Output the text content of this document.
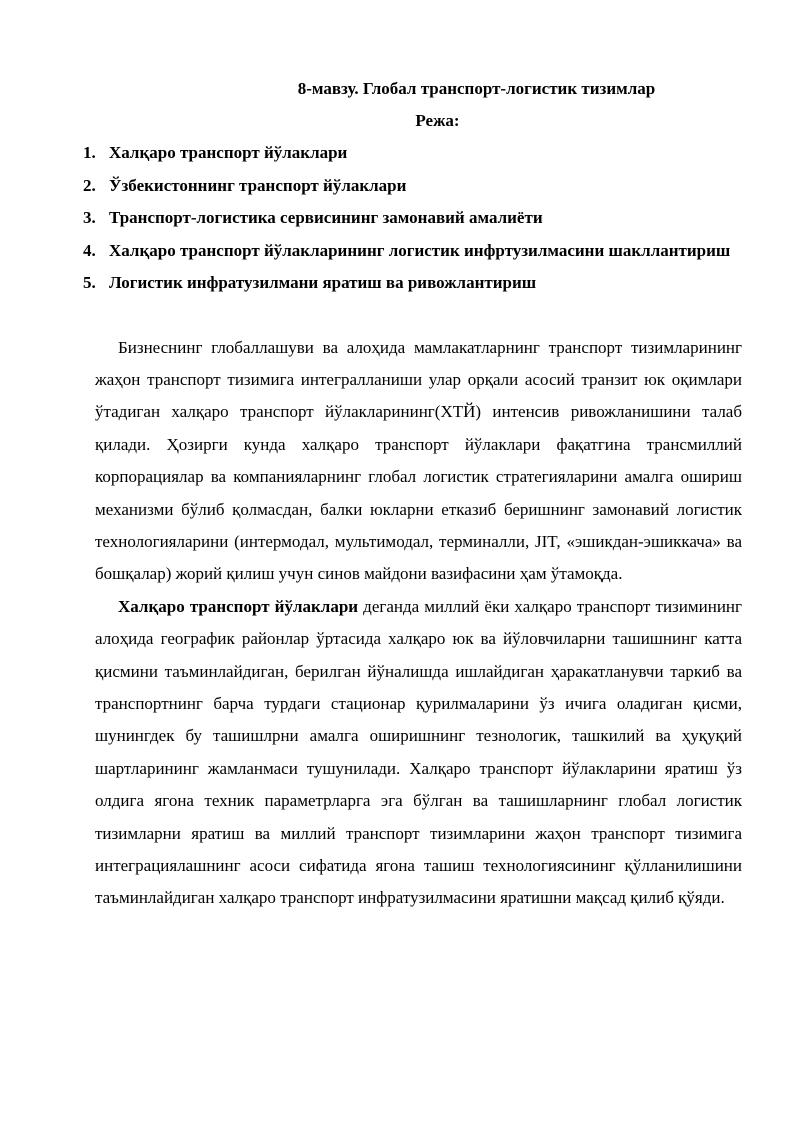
8-мавзу. Глобал транспорт-логистик тизимлар
Режа:
1. Халқаро транспорт йўлаклари
2. Ўзбекистоннинг транспорт йўлаклари
3. Транспорт-логистика сервисининг замонавий амалиёти
4. Халқаро транспорт йўлакларининг логистик инфртузилмасини шакллантириш
5. Логистик инфратузилмани яратиш ва ривожлантириш

Бизнеснинг глобаллашуви ва алоҳида мамлакатларнинг транспорт тизимларининг жаҳон транспорт тизимига интегралланиши улар орқали асосий транзит юк оқимлари ўтадиган халқаро транспорт йўлакларининг(ХТЙ) интенсив ривожланишини талаб қилади. Ҳозирги кунда халқаро транспорт йўлаклари фақатгина трансмиллий корпорациялар ва компанияларнинг глобал логистик стратегияларини амалга ошириш механизми бўлиб қолмасдан, балки юкларни етказиб беришнинг замонавий логистик технологияларини (интермодал, мультимодал, терминалли, JIT, «эшикдан-эшиккача» ва бошқалар) жорий қилиш учун синов майдони вазифасини ҳам ўтамоқда.

Халқаро транспорт йўлаклари деганда миллий ёки халқаро транспорт тизимининг алоҳида географик районлар ўртасида халқаро юк ва йўловчиларни ташишнинг катта қисмини таъминлайдиган, берилган йўналишда ишлайдиган ҳаракатланувчи таркиб ва транспортнинг барча турдаги стационар қурилмаларини ўз ичига оладиган қисми, шунингдек бу ташишлрни амалга оширишнинг тезнологик, ташкилий ва ҳуқуқий шартларининг жамланмаси тушунилади. Халқаро транспорт йўлакларини яратиш ўз олдига ягона техник параметрларга эга бўлган ва ташишларнинг глобал логистик тизимларни яратиш ва миллий транспорт тизимларини жаҳон транспорт тизимига интеграциялашнинг асоси сифатида ягона ташиш технологиясининг қўлланилишини таъминлайдиган халқаро транспорт инфратузилмасини яратишни мақсад қилиб қўяди.
